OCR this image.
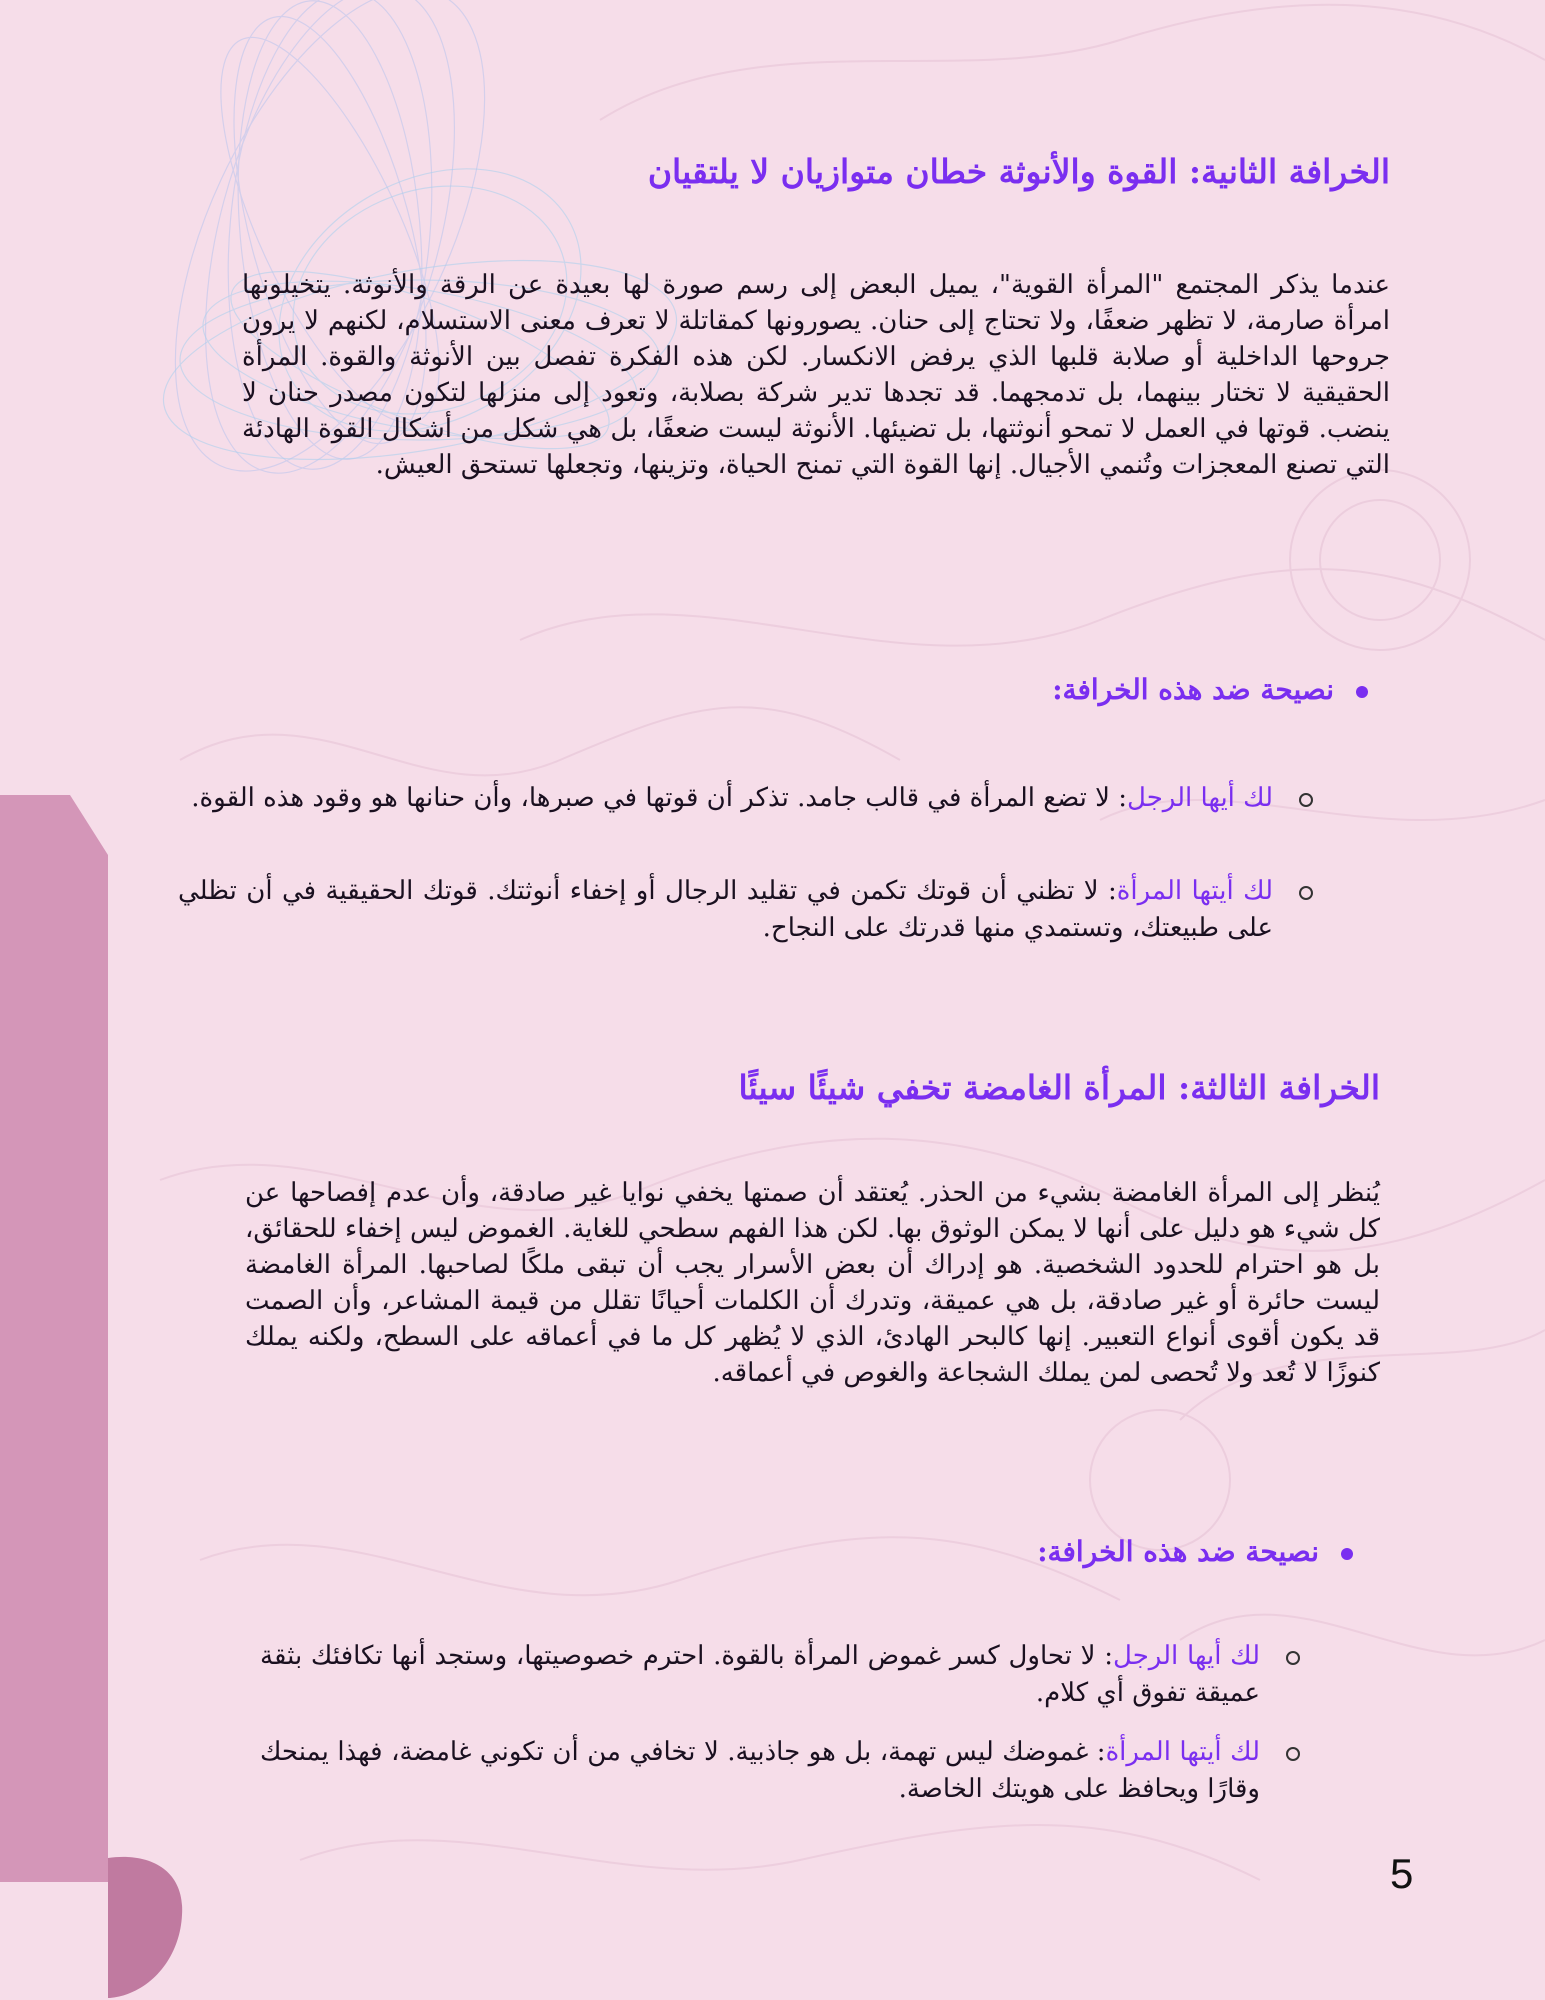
الخرافة الثانية: القوة والأنوثة خطان متوازيان لا يلتقيان

عندما يذكر المجتمع "المرأة القوية"، يميل البعض إلى رسم صورة لها بعيدة عن الرقة والأنوثة. يتخيلونها امرأة صارمة، لا تظهر ضعفًا، ولا تحتاج إلى حنان. يصورونها كمقاتلة لا تعرف معنى الاستسلام، لكنهم لا يرون جروحها الداخلية أو صلابة قلبها الذي يرفض الانكسار. لكن هذه الفكرة تفصل بين الأنوثة والقوة. المرأة الحقيقية لا تختار بينهما، بل تدمجهما. قد تجدها تدير شركة بصلابة، وتعود إلى منزلها لتكون مصدر حنان لا ينضب. قوتها في العمل لا تمحو أنوثتها، بل تضيئها. الأنوثة ليست ضعفًا، بل هي شكل من أشكال القوة الهادئة التي تصنع المعجزات وتُنمي الأجيال. إنها القوة التي تمنح الحياة، وتزينها، وتجعلها تستحق العيش.

نصيحة ضد هذه الخرافة:
لك أيها الرجل: لا تضع المرأة في قالب جامد. تذكر أن قوتها في صبرها، وأن حنانها هو وقود هذه القوة.
لك أيتها المرأة: لا تظني أن قوتك تكمن في تقليد الرجال أو إخفاء أنوثتك. قوتك الحقيقية في أن تظلي على طبيعتك، وتستمدي منها قدرتك على النجاح.
الخرافة الثالثة: المرأة الغامضة تخفي شيئًا سيئًا

يُنظر إلى المرأة الغامضة بشيء من الحذر. يُعتقد أن صمتها يخفي نوايا غير صادقة، وأن عدم إفصاحها عن كل شيء هو دليل على أنها لا يمكن الوثوق بها. لكن هذا الفهم سطحي للغاية. الغموض ليس إخفاء للحقائق، بل هو احترام للحدود الشخصية. هو إدراك أن بعض الأسرار يجب أن تبقى ملكًا لصاحبها. المرأة الغامضة ليست حائرة أو غير صادقة، بل هي عميقة، وتدرك أن الكلمات أحيانًا تقلل من قيمة المشاعر، وأن الصمت قد يكون أقوى أنواع التعبير. إنها كالبحر الهادئ، الذي لا يُظهر كل ما في أعماقه على السطح، ولكنه يملك كنوزًا لا تُعد ولا تُحصى لمن يملك الشجاعة والغوص في أعماقه.

نصيحة ضد هذه الخرافة:
لك أيها الرجل: لا تحاول كسر غموض المرأة بالقوة. احترم خصوصيتها، وستجد أنها تكافئك بثقة عميقة تفوق أي كلام.
لك أيتها المرأة: غموضك ليس تهمة، بل هو جاذبية. لا تخافي من أن تكوني غامضة، فهذا يمنحك وقارًا ويحافظ على هويتك الخاصة.
5
